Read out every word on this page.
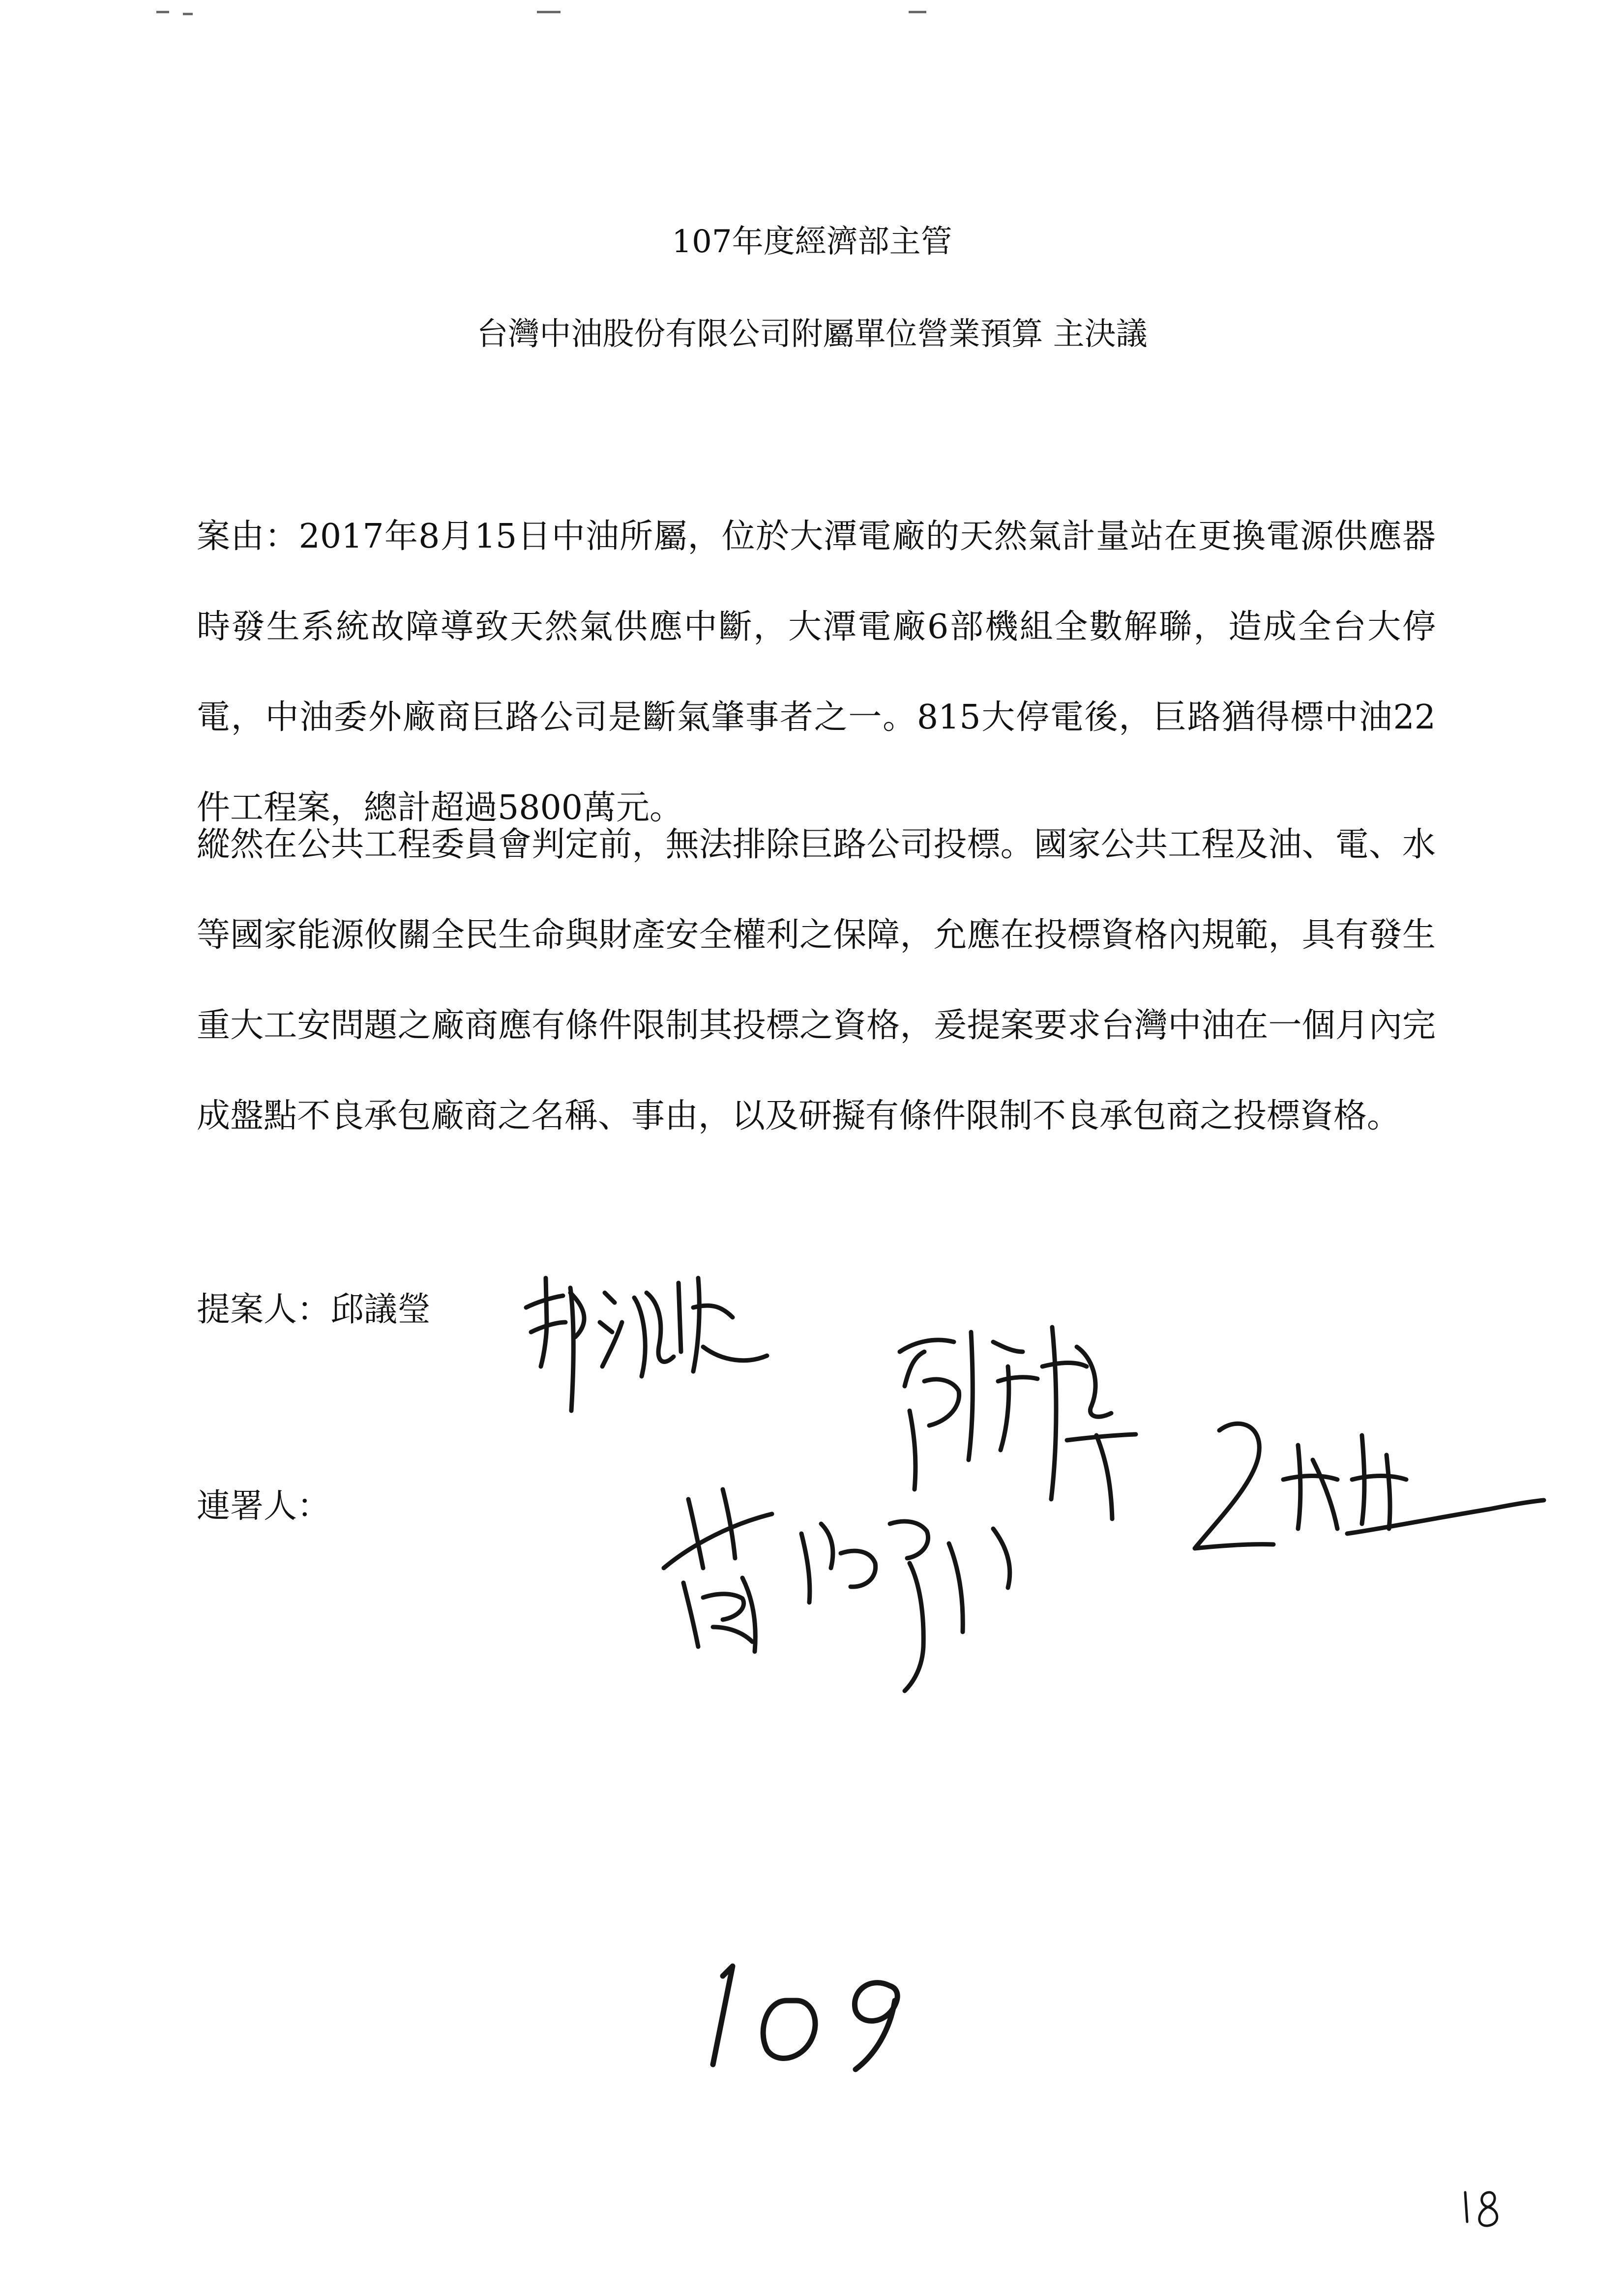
107年度經濟部主管
台灣中油股份有限公司附屬單位營業預算 主決議

案由：2017年8月15日中油所屬，位於大潭電廠的天然氣計量站在更換電源供應器時發生系統故障導致天然氣供應中斷，大潭電廠6部機組全數解聯，造成全台大停電，中油委外廠商巨路公司是斷氣肇事者之一。815大停電後，巨路猶得標中油22件工程案，總計超過5800萬元。

縱然在公共工程委員會判定前，無法排除巨路公司投標。國家公共工程及油、電、水等國家能源攸關全民生命與財產安全權利之保障，允應在投標資格內規範，具有發生重大工安問題之廠商應有條件限制其投標之資格，爰提案要求台灣中油在一個月內完成盤點不良承包廠商之名稱、事由，以及研擬有條件限制不良承包商之投標資格。

提案人：邱議瑩
連署人：
